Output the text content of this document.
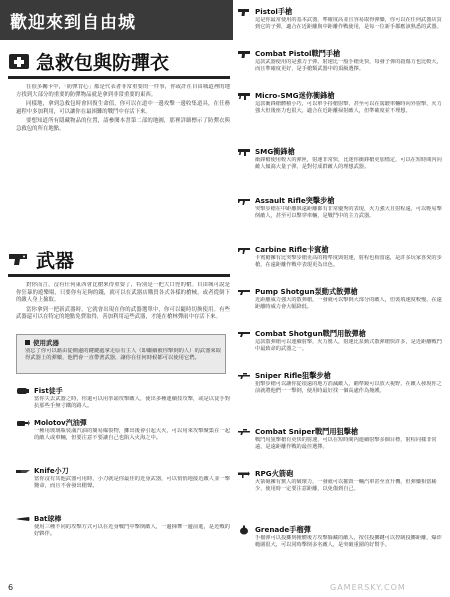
歡迎來到自由城
急救包與防彈衣

在很多關卡中，「防彈背心」都是代表著非常重要的一件事，你或許在自由城道裡的地方找到大部分的重要的防彈物品就是拿到非常重要的東西。

同樣地，拿到急救包時會回復生命值，你可以在道中一邊攻擊一邊收集道具，在任務過程中多加利用，可以讓你在最困難的戰鬥中存活下來。

要想知道所有隱藏物品的位置，請參閱本書第二部的地圖，那裡詳細標示了防彈衣與急救包的所在地點。

武器

對你而言，沒有任何東西會比槍來得重要了，特別是一把大口徑的槍。自由城可說是你狂暴的遊樂場，只要你有足夠的錢，就可以在武器店購買各式各樣的槍械，或者從倒下的敵人身上撿取。

當你拿到一把新武器時，它就會出現在你的武器選單中，你可以隨時切換使用。有些武器還可以在特定的地點免費取得，善加利用這些武器，才能在槍林彈雨中存活下來。

使用武器
別忘了你可以藉由從側邊的鍵鍵處拿走原有主人（即繼續被你擊倒的人）的武器來取得武器上的彈藥，他們會一直帶著武器，讓你在任何時候都可以使用它們。
Fist徒手
當你失去武器之時，你還可以用拳頭攻擊敵人，使出多種連續技攻擊，或是以徒手對抗那些手無寸鐵的路人。
Molotov汽油彈
一種用玻璃瓶裝滿汽油的簡易爆裂物，擲出後會引起大火，可以用來攻擊聚集在一起的敵人或車輛，但要注意不要讓自己也陷入火海之中。
Knife小刀
當你沒有其他武器可用時，小刀就是你最佳的近身武器，可以悄悄地接近敵人並一擊斃命，而且不會發出槍聲。
Bat球棒
使用三種不同的攻擊方式可以在近身戰鬥中擊倒敵人，一邊揮舞一邊前進，是近戰的好夥伴。
Pistol手槍
這是你最常使用的基本武器，準確度高並且容易取得彈藥，你可以在任何武器店買到它的子彈，適合在近距離與中距離作戰使用，是每一位新手都應該熟悉的武器。
Combat Pistol戰鬥手槍
這款武器使用的是強力子彈，射速比一般手槍更快，每發子彈的殺傷力也比較大，而且準確度更好，是手槍類武器中的頂級選擇。
Micro-SMG迷你衝鋒槍
這款衝鋒槍體積小巧，可以單手持槍射擊，甚至可以在駕駛車輛時向外射擊，火力強大但後座力也很大，適合在近距離掃射敵人，但準確度並不理想。
SMG衝鋒槍
衝鋒槍使用較大的彈匣，射速非常快，比迷你衝鋒槍更加穩定，可以在短時間內向敵人傾瀉大量子彈，是對付成群敵人的理想武器。
Assault Rifle突擊步槍
突擊步槍在中距離與遠距離都有非常優秀的表現，火力強大且射程遠，可以輕易擊倒敵人，甚至可以擊穿車輛，是戰鬥中的主力武器。
Carbine Rifle卡賓槍
卡賓槍擁有比突擊步槍更高的精準度與射速，射程也相當遠，是許多玩家喜愛的步槍，在遠距離作戰中表現更為出色。
Pump Shotgun泵動式散彈槍
近距離威力強大的散彈槍，一發就可以擊倒大部分的敵人，但裝填速度較慢，在遠距離時威力會大幅降低。
Combat Shotgun戰鬥用散彈槍
這款散彈槍可以連續射擊，火力驚人，射速比泵動式散彈槍快許多，是近距離戰鬥中最致命的武器之一。
Sniper Rifle狙擊步槍
狙擊步槍可以讓你從很遠的地方消滅敵人，瞄準鏡可以放大視野，在敵人發現你之前就將他們一一擊倒，使用時最好找一個高處作為掩護。
Combat Sniper戰鬥用狙擊槍
戰鬥用狙擊槍有更快的射速，可以在短時間內連續射擊多個目標，射程同樣非常遠，是遠距離作戰的最佳選擇。
RPG火箭砲
火箭砲擁有驚人的破壞力，一發就可以摧毀一輛汽車甚至直升機，但彈藥相當稀少，使用時一定要注意距離，以免傷到自己。
Grenade手榴彈
手榴彈可以投擲到掩體後方攻擊躲藏的敵人，按住投擲鍵可以控制投擲距離，爆炸範圍很大，可以同時擊倒多名敵人，是突破重圍的好幫手。
6	GAMERSKY.COM
